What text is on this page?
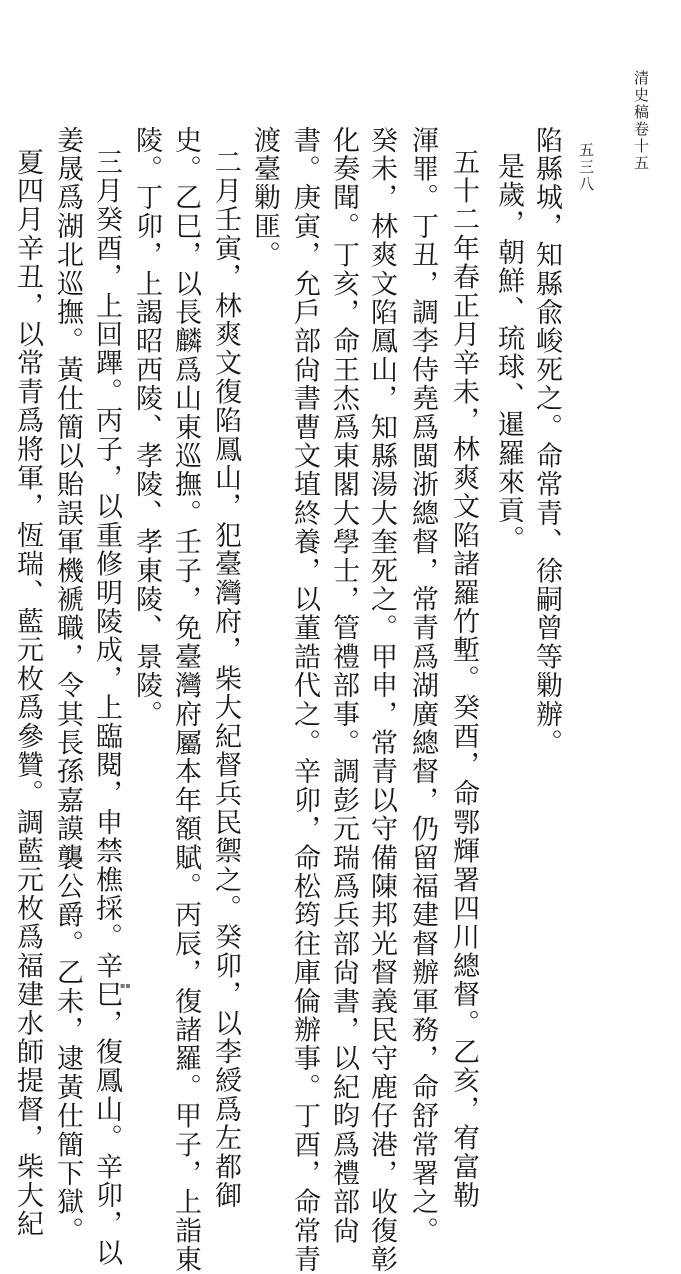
清史稿卷十五
五三八
陷縣城，知縣兪峻死之。命常青、徐嗣曾等勦辦。
是歲，朝鮮、琉球、暹羅來貢。
五十二年春正月辛未，林爽文陷諸羅竹塹。癸酉，命鄂輝署四川總督。乙亥，宥富勒
渾罪。丁丑，調李侍堯爲閩浙總督，常青爲湖廣總督，仍留福建督辦軍務，命舒常署之。
癸未，林爽文陷鳳山，知縣湯大奎死之。甲申，常青以守備陳邦光督義民守鹿仔港，收復彰
化奏聞。丁亥，命王杰爲東閣大學士，管禮部事。調彭元瑞爲兵部尙書，以紀昀爲禮部尙
書。庚寅，允戶部尙書曹文埴終養，以董誥代之。辛卯，命松筠往庫倫辦事。丁酉，命常青
渡臺勦匪。
二月壬寅，林爽文復陷鳳山，犯臺灣府，柴大紀督兵民禦之。癸卯，以李綬爲左都御
史。乙巳，以長麟爲山東巡撫。壬子，免臺灣府屬本年額賦。丙辰，復諸羅。甲子，上詣東
陵。丁卯，上謁昭西陵、孝陵、孝東陵、景陵。
三月癸酉，上回蹕。丙子，以重修明陵成，上臨閱，申禁樵採。辛巳，復鳳山。辛卯，以
姜晟爲湖北巡撫。黃仕簡以貽誤軍機褫職，令其長孫嘉謨襲公爵。乙未，逮黃仕簡下獄。
夏四月辛丑，以常青爲將軍，恆瑞、藍元枚爲參贊。調藍元枚爲福建水師提督，柴大紀	▪▪
